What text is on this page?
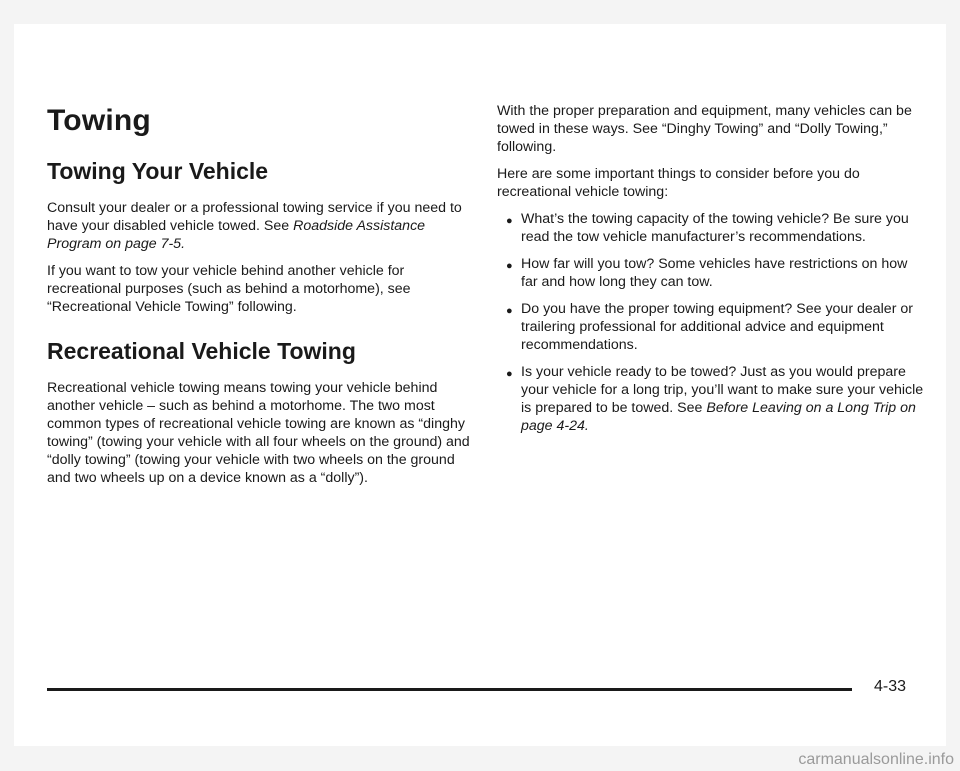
Towing
Towing Your Vehicle

Consult your dealer or a professional towing service if you need to have your disabled vehicle towed. See Roadside Assistance Program on page 7-5.

If you want to tow your vehicle behind another vehicle for recreational purposes (such as behind a motorhome), see “Recreational Vehicle Towing” following.

Recreational Vehicle Towing

Recreational vehicle towing means towing your vehicle behind another vehicle – such as behind a motorhome. The two most common types of recreational vehicle towing are known as “dinghy towing” (towing your vehicle with all four wheels on the ground) and “dolly towing” (towing your vehicle with two wheels on the ground and two wheels up on a device known as a “dolly”).

With the proper preparation and equipment, many vehicles can be towed in these ways. See “Dinghy Towing” and “Dolly Towing,” following.

Here are some important things to consider before you do recreational vehicle towing:

● What’s the towing capacity of the towing vehicle? Be sure you read the tow vehicle manufacturer’s recommendations.
● How far will you tow? Some vehicles have restrictions on how far and how long they can tow.
● Do you have the proper towing equipment? See your dealer or trailering professional for additional advice and equipment recommendations.
● Is your vehicle ready to be towed? Just as you would prepare your vehicle for a long trip, you’ll want to make sure your vehicle is prepared to be towed. See Before Leaving on a Long Trip on page 4-24.
4-33
carmanualsonline.info
